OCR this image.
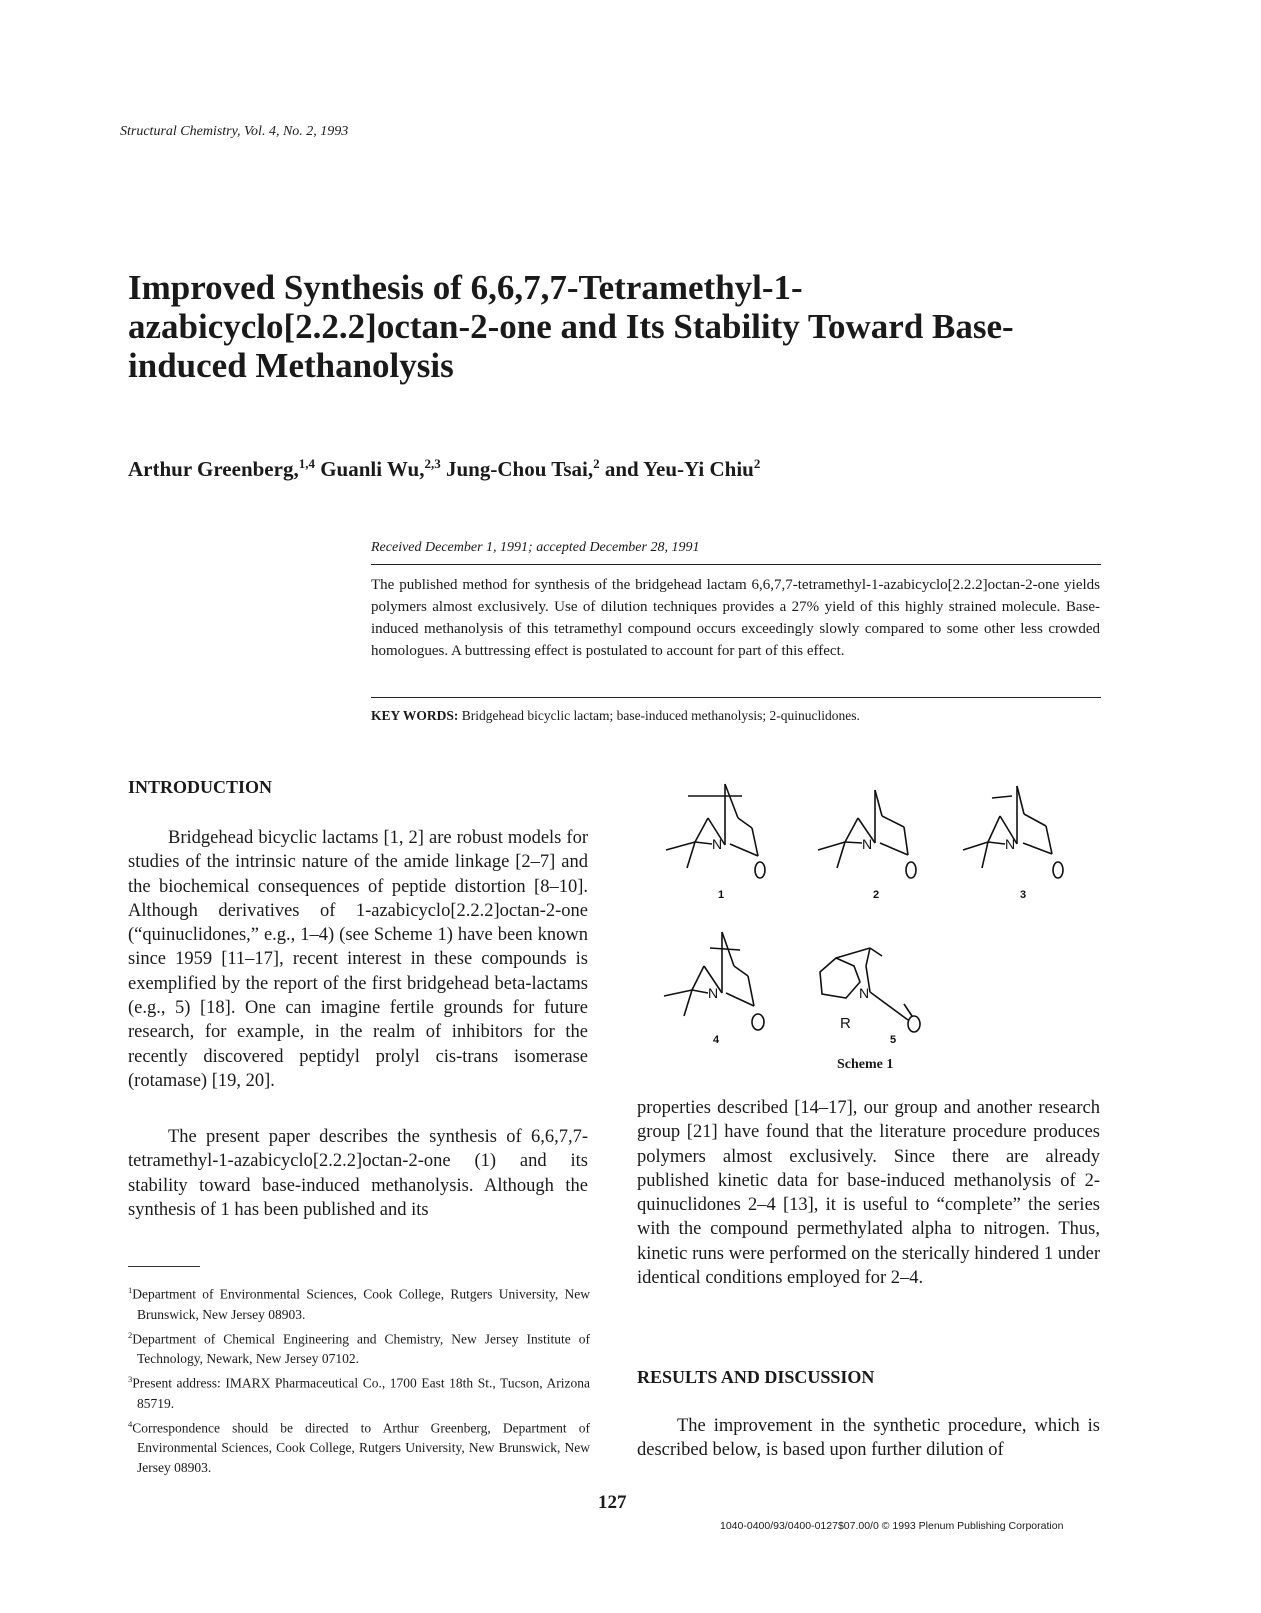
Structural Chemistry, Vol. 4, No. 2, 1993
Improved Synthesis of 6,6,7,7-Tetramethyl-1-azabicyclo[2.2.2]octan-2-one and Its Stability Toward Base-induced Methanolysis
Arthur Greenberg,$^{1,4}$ Guanli Wu,$^{2,3}$ Jung-Chou Tsai,$^2$ and Yeu-Yi Chiu$^2$
Received December 1, 1991; accepted December 28, 1991

The published method for synthesis of the bridgehead lactam 6,6,7,7-tetramethyl-1-azabicyclo[2.2.2]octan-2-one yields polymers almost exclusively. Use of dilution techniques provides a 27% yield of this highly strained molecule. Base-induced methanolysis of this tetramethyl compound occurs exceedingly slowly compared to some other less crowded homologues. A buttressing effect is postulated to account for part of this effect.

KEY WORDS: Bridgehead bicyclic lactam; base-induced methanolysis; 2-quinuclidones.
INTRODUCTION

Bridgehead bicyclic lactams [1, 2] are robust models for studies of the intrinsic nature of the amide linkage [2–7] and the biochemical consequences of peptide distortion [8–10]. Although derivatives of 1-azabicyclo[2.2.2]octan-2-one (“quinuclidones,” e.g., 1–4) (see Scheme 1) have been known since 1959 [11–17], recent interest in these compounds is exemplified by the report of the first bridgehead beta-lactams (e.g., 5) [18]. One can imagine fertile grounds for future research, for example, in the realm of inhibitors for the recently discovered peptidyl prolyl cis-trans isomerase (rotamase) [19, 20].

The present paper describes the synthesis of 6,6,7,7-tetramethyl-1-azabicyclo[2.2.2]octan-2-one (1) and its stability toward base-induced methanolysis. Although the synthesis of 1 has been published and its

$^1$Department of Environmental Sciences, Cook College, Rutgers University, New Brunswick, New Jersey 08903.
$^2$Department of Chemical Engineering and Chemistry, New Jersey Institute of Technology, Newark, New Jersey 07102.
$^3$Present address: IMARX Pharmaceutical Co., 1700 East 18th St., Tucson, Arizona 85719.
$^4$Correspondence should be directed to Arthur Greenberg, Department of Environmental Sciences, Cook College, Rutgers University, New Brunswick, New Jersey 08903.
N
1
N
2
N
3
N
4
N
R
5
Scheme 1

properties described [14–17], our group and another research group [21] have found that the literature procedure produces polymers almost exclusively. Since there are already published kinetic data for base-induced methanolysis of 2-quinuclidones 2–4 [13], it is useful to “complete” the series with the compound permethylated alpha to nitrogen. Thus, kinetic runs were performed on the sterically hindered 1 under identical conditions employed for 2–4.

RESULTS AND DISCUSSION

The improvement in the synthetic procedure, which is described below, is based upon further dilution of

127
1040-0400/93/0400-0127$07.00/0 © 1993 Plenum Publishing Corporation
